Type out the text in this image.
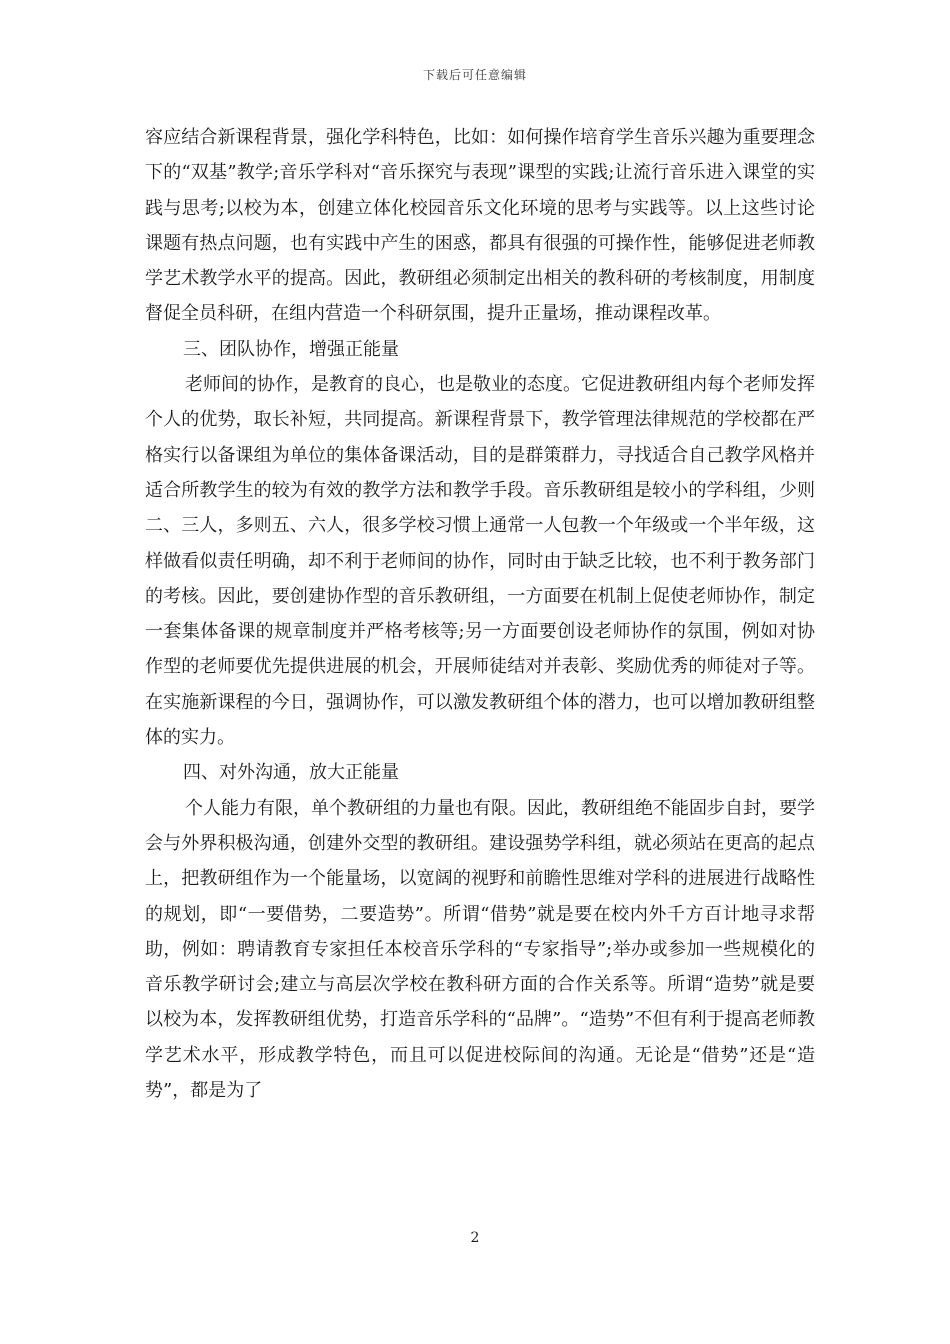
下载后可任意编辑

容应结合新课程背景，强化学科特色，比如：如何操作培育学生音乐兴趣为重要理念下的“双基”教学;音乐学科对“音乐探究与表现”课型的实践;让流行音乐进入课堂的实践与思考;以校为本，创建立体化校园音乐文化环境的思考与实践等。以上这些讨论课题有热点问题，也有实践中产生的困惑，都具有很强的可操作性，能够促进老师教学艺术教学水平的提高。因此，教研组必须制定出相关的教科研的考核制度，用制度督促全员科研，在组内营造一个科研氛围，提升正量场，推动课程改革。

三、团队协作，增强正能量

老师间的协作，是教育的良心，也是敬业的态度。它促进教研组内每个老师发挥个人的优势，取长补短，共同提高。新课程背景下，教学管理法律规范的学校都在严格实行以备课组为单位的集体备课活动，目的是群策群力，寻找适合自己教学风格并适合所教学生的较为有效的教学方法和教学手段。音乐教研组是较小的学科组，少则二、三人，多则五、六人，很多学校习惯上通常一人包教一个年级或一个半年级，这样做看似责任明确，却不利于老师间的协作，同时由于缺乏比较，也不利于教务部门的考核。因此，要创建协作型的音乐教研组，一方面要在机制上促使老师协作，制定一套集体备课的规章制度并严格考核等;另一方面要创设老师协作的氛围，例如对协作型的老师要优先提供进展的机会，开展师徒结对并表彰、奖励优秀的师徒对子等。在实施新课程的今日，强调协作，可以激发教研组个体的潜力，也可以增加教研组整体的实力。

四、对外沟通，放大正能量

个人能力有限，单个教研组的力量也有限。因此，教研组绝不能固步自封，要学会与外界积极沟通，创建外交型的教研组。建设强势学科组，就必须站在更高的起点上，把教研组作为一个能量场，以宽阔的视野和前瞻性思维对学科的进展进行战略性的规划，即“一要借势，二要造势”。所谓“借势”就是要在校内外千方百计地寻求帮助，例如：聘请教育专家担任本校音乐学科的“专家指导”;举办或参加一些规模化的音乐教学研讨会;建立与高层次学校在教科研方面的合作关系等。所谓“造势”就是要以校为本，发挥教研组优势，打造音乐学科的“品牌”。“造势”不但有利于提高老师教学艺术水平，形成教学特色，而且可以促进校际间的沟通。无论是“借势”还是“造势”，都是为了

2
